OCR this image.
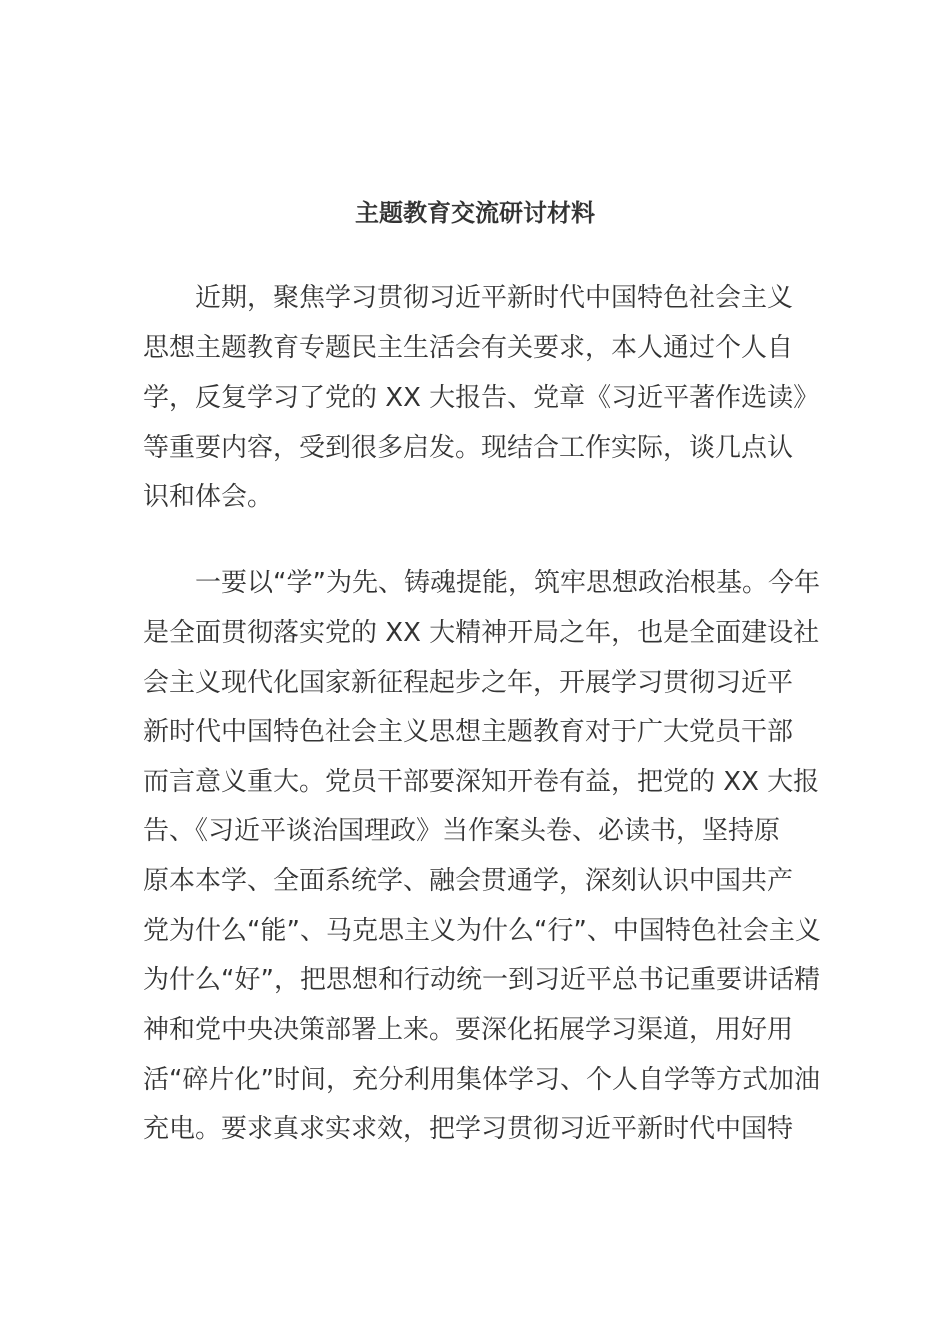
主题教育交流研讨材料

近期，聚焦学习贯彻习近平新时代中国特色社会主义

思想主题教育专题民主生活会有关要求，本人通过个人自

学，反复学习了党的 XX 大报告、党章《习近平著作选读》

等重要内容，受到很多启发。现结合工作实际，谈几点认

识和体会。

一要以“学”为先、铸魂提能，筑牢思想政治根基。今年

是全面贯彻落实党的 XX 大精神开局之年，也是全面建设社

会主义现代化国家新征程起步之年，开展学习贯彻习近平

新时代中国特色社会主义思想主题教育对于广大党员干部

而言意义重大。党员干部要深知开卷有益，把党的 XX 大报

告、《习近平谈治国理政》当作案头卷、必读书，坚持原

原本本学、全面系统学、融会贯通学，深刻认识中国共产

党为什么“能”、马克思主义为什么“行”、中国特色社会主义

为什么“好”，把思想和行动统一到习近平总书记重要讲话精

神和党中央决策部署上来。要深化拓展学习渠道，用好用

活“碎片化”时间，充分利用集体学习、个人自学等方式加油

充电。要求真求实求效，把学习贯彻习近平新时代中国特
